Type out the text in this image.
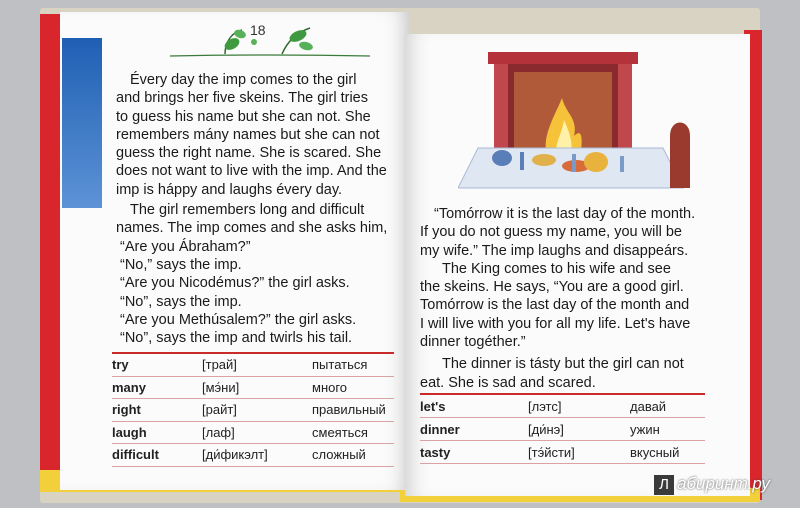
18

Évery day the imp comes to the girl

and brings her five skeins. The girl tries

to guess his name but she can not. She

remembers mány names but she can not

guess the right name. She is scared. She

does not want to live with the imp. And the

imp is hápру and laughs évery day.

The girl remembers long and difficult

names. The imp comes and she asks him,

“Are you Ábraham?”

“No,” says the imp.

“Are you Nicodémus?” the girl asks.

“No”, says the imp.

“Are you Methúsalem?” the girl asks.

“No”, says the imp and twirls his tail.

try	[трай]	пытаться
many	[мэ́ни]	много
right	[райт]	правильный
laugh	[лаф]	смеяться
difficult	[ди́фикэлт]	сложный

“Tomórrow it is the last day of the month.

If you do not guess my name, you will be

my wife.” The imp laughs and disappeárs.

The King comes to his wife and see

the skeins. He says, “You are a good girl.

Tomórrow is the last day of the month and

I will live with you for all my life. Let's have

dinner togéther.”

The dinner is tásty but the girl can not

eat. She is sad and scared.

let's	[лэтс]	давай
dinner	[ди́нэ]	ужин
tasty	[тэ́йсти]	вкусный
Л абиринт.ру
